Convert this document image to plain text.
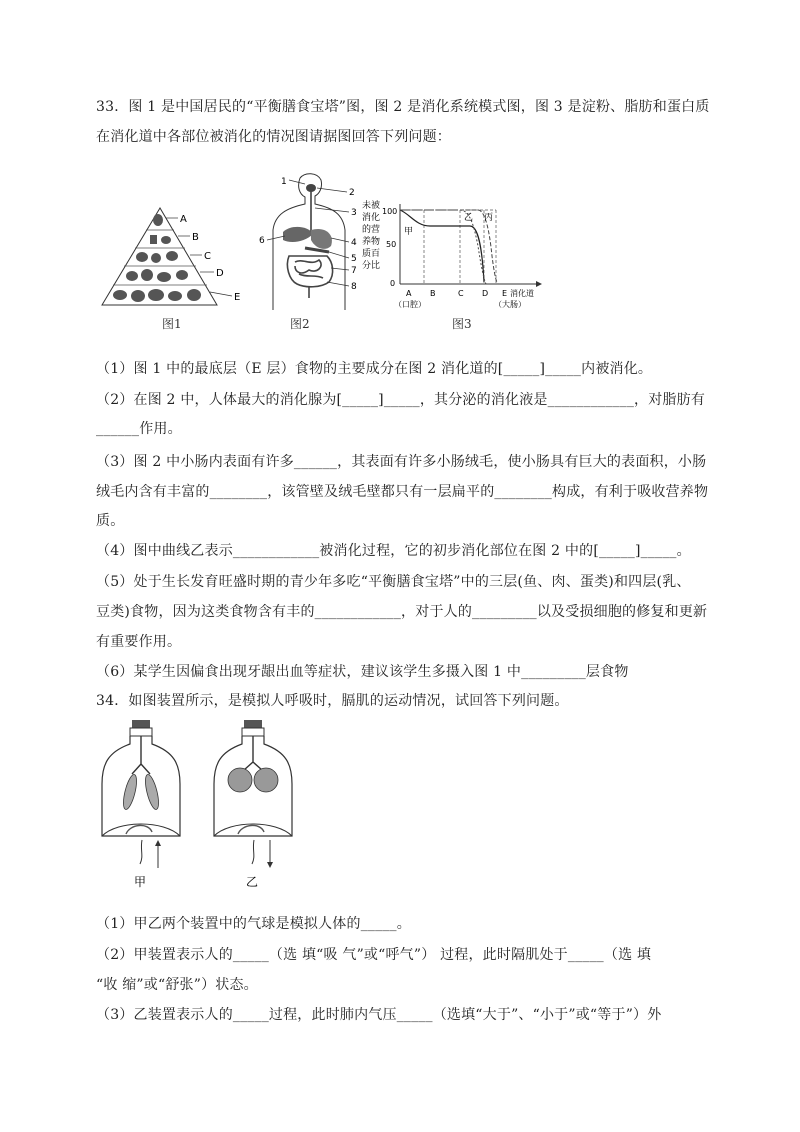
33．图 1 是中国居民的“平衡膳食宝塔”图，图 2 是消化系统模式图，图 3 是淀粉、脂肪和蛋白质
在消化道中各部位被消化的情况图请据图回答下列问题：
A
B
C
D
E
图1
1
2
3
4
5
6
7
8
图2
未被
消化
的营
养物
质百
分比
100
50
0
甲
乙 丙
A B	C D E 消化道
（口腔）	（大肠）
图3
（1）图 1 中的最底层（E 层）食物的主要成分在图 2 消化道的[_____]_____内被消化。
（2）在图 2 中，人体最大的消化腺为[_____]_____，其分泌的消化液是____________，对脂肪有
______作用。
（3）图 2 中小肠内表面有许多______，其表面有许多小肠绒毛，使小肠具有巨大的表面积，小肠
绒毛内含有丰富的________，该管壁及绒毛壁都只有一层扁平的________构成，有利于吸收营养物
质。
（4）图中曲线乙表示____________被消化过程，它的初步消化部位在图 2 中的[_____]_____。
（5）处于生长发育旺盛时期的青少年多吃“平衡膳食宝塔”中的三层(鱼、肉、蛋类)和四层(乳、
豆类)食物，因为这类食物含有丰的____________，对于人的_________以及受损细胞的修复和更新
有重要作用。
（6）某学生因偏食出现牙龈出血等症状，建议该学生多摄入图 1 中_________层食物
34．如图装置所示，是模拟人呼吸时，膈肌的运动情况，试回答下列问题。
甲	乙
（1）甲乙两个装置中的气球是模拟人体的_____。
（2）甲装置表示人的_____（选 填“吸 气”或“呼气”） 过程，此时隔肌处于_____（选 填
“收 缩”或“舒张”）状态。
（3）乙装置表示人的_____过程，此时肺内气压_____（选填“大于”、“小于”或“等于”）外
